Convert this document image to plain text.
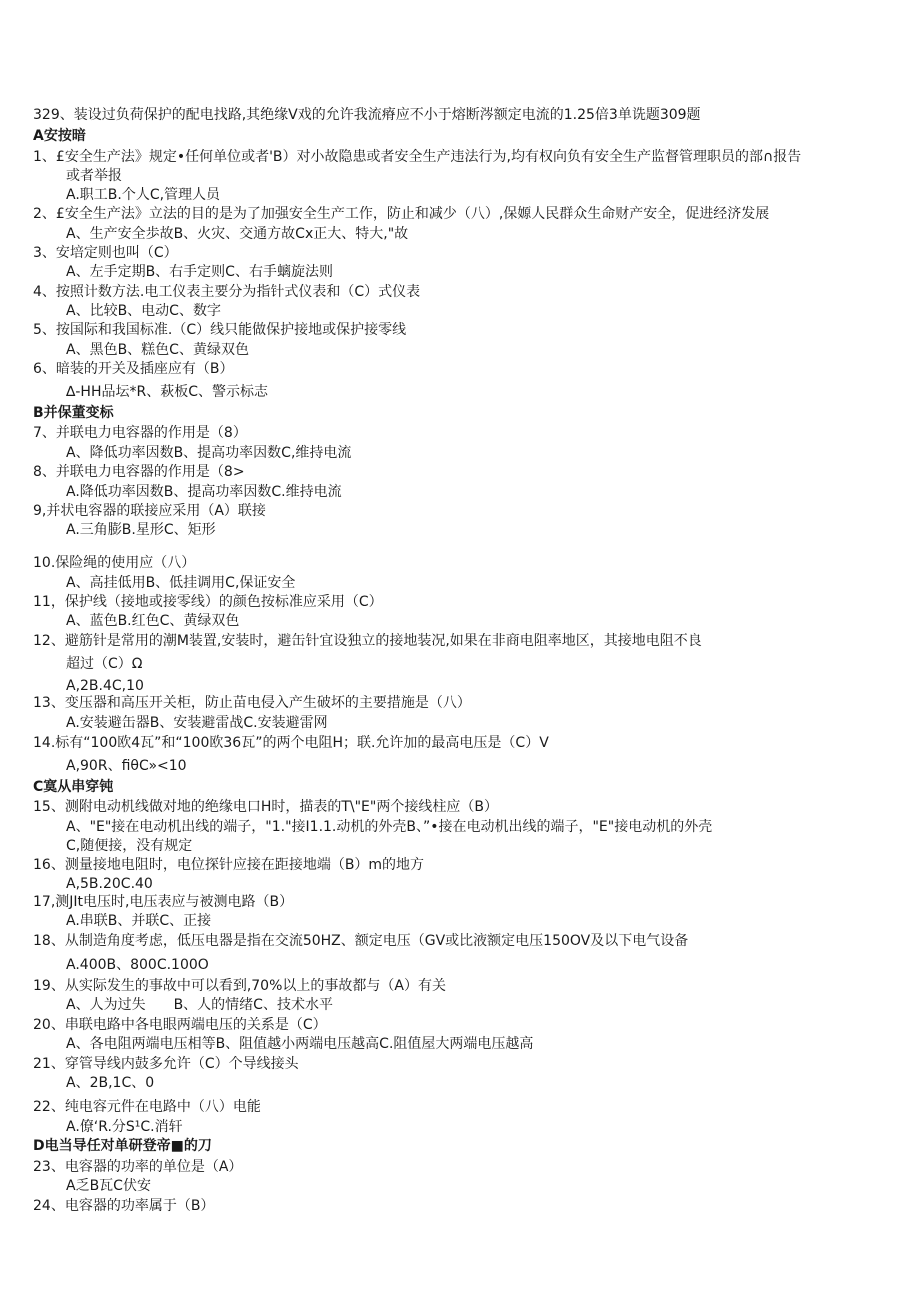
329、装设过负荷保护的配电找路,其绝缘V戏的允许我流瘠应不小于熔断涔额定电流的1.25倍3单诜题309题
A安按暗
1、£安全生产法》规定•任何单位或者'B）对小故隐患或者安全生产违法行为,均有权向负有安全生产监督管理职员的部∩报告
或者举报
A.职工B.个人C,管理人员
2、£安全生产法》立法的目的是为了加强安全生产工作，防止和减少（八）,保嫄人民群众生命财产安全，促进经济发展
A、生产安全歩故B、火灾、交通方故Cx正大、特大,"故
3、安培定则也叫（C）
A、左手定期B、右手定则C、右手螭旋法则
4、按照计数方法.电工仪表主要分为指针式仪表和（C）式仪表
A、比较B、电动C、数字
5、按国际和我国标准.（C）线只能做保护接地或保护接零线
A、黑色B、糕色C、黄绿双色
6、暗装的开关及插座应有（B）
∆-HH品坛*R、萩板C、警示标志
B并保董变标
7、并联电力电容器的作用是（8）
A、降低功率因数B、提高功率因数C,维持电流
8、并联电力电容器的作用是（8>
A.降低功率因数B、提高功率因数C.维持电流
9,并状电容器的联接应采用（A）联接
A.三角膨B.星形C、矩形
10.保险绳的使用应（八）
A、高挂低用B、低挂调用C,保证安全
11，保护线（接地或接零线）的颜色按标准应采用（C）
A、蓝色B.红色C、黄绿双色
12、避筋针是常用的潮M装置,安装时，避缶针宜设独立的接地装况,如果在非商电阻率地区，其接地电阻不良
超过（C）Ω
A,2B.4C,10
13、变压器和高压开关柜，防止苗电侵入产生破坏的主要措施是（八）
A.安装避缶器B、安装避雷战C.安装避雷网
14.标有“100欧4瓦”和“100欧36瓦”的两个电阻H；联.允许加的最高电压是（C）V
A,90R、fiθC»<10
C寞从串穿钝
15、测附电动机线做对地的绝缘电口H时，描表的T\"E"两个接线柱应（B）
A、"E"接在电动机出线的端子，"1."接I1.1.动机的外壳B、”•接在电动机出线的端子，"E"接电动机的外壳
C,随便接，没有规定
16、测量接地电阻时，电位探针应接在距接地端（B）m的地方
A,5B.20C.40
17,测JIt电压时,电压表应与被测电路（B）
A.串联B、并联C、正接
18、从制造角度考虑，低压电器是指在交流50HZ、额定电压（GV或比液额定电压150OV及以下电气设备
A.400B、800C.100O
19、从实际发生的事故中可以看到,70%以上的事故都与（A）有关
A、人为过失　　B、人的情绪C、技术水平
20、串联电路中各电眼两端电压的关系是（C）
A、各电阻两端电压相等B、阻值越小两端电压越高C.阻值屋大两端电压越高
21、穿管导线内鼓多允许（C）个导线接头
A、2B,1C、0
22、纯电容元件在电路中（八）电能
A.僚‘R.分S¹C.消轩
D电当导任对单研登帝■的刀
23、电容器的功率的单位是（A）
A乏B瓦C伏安
24、电容器的功率属于（B）
